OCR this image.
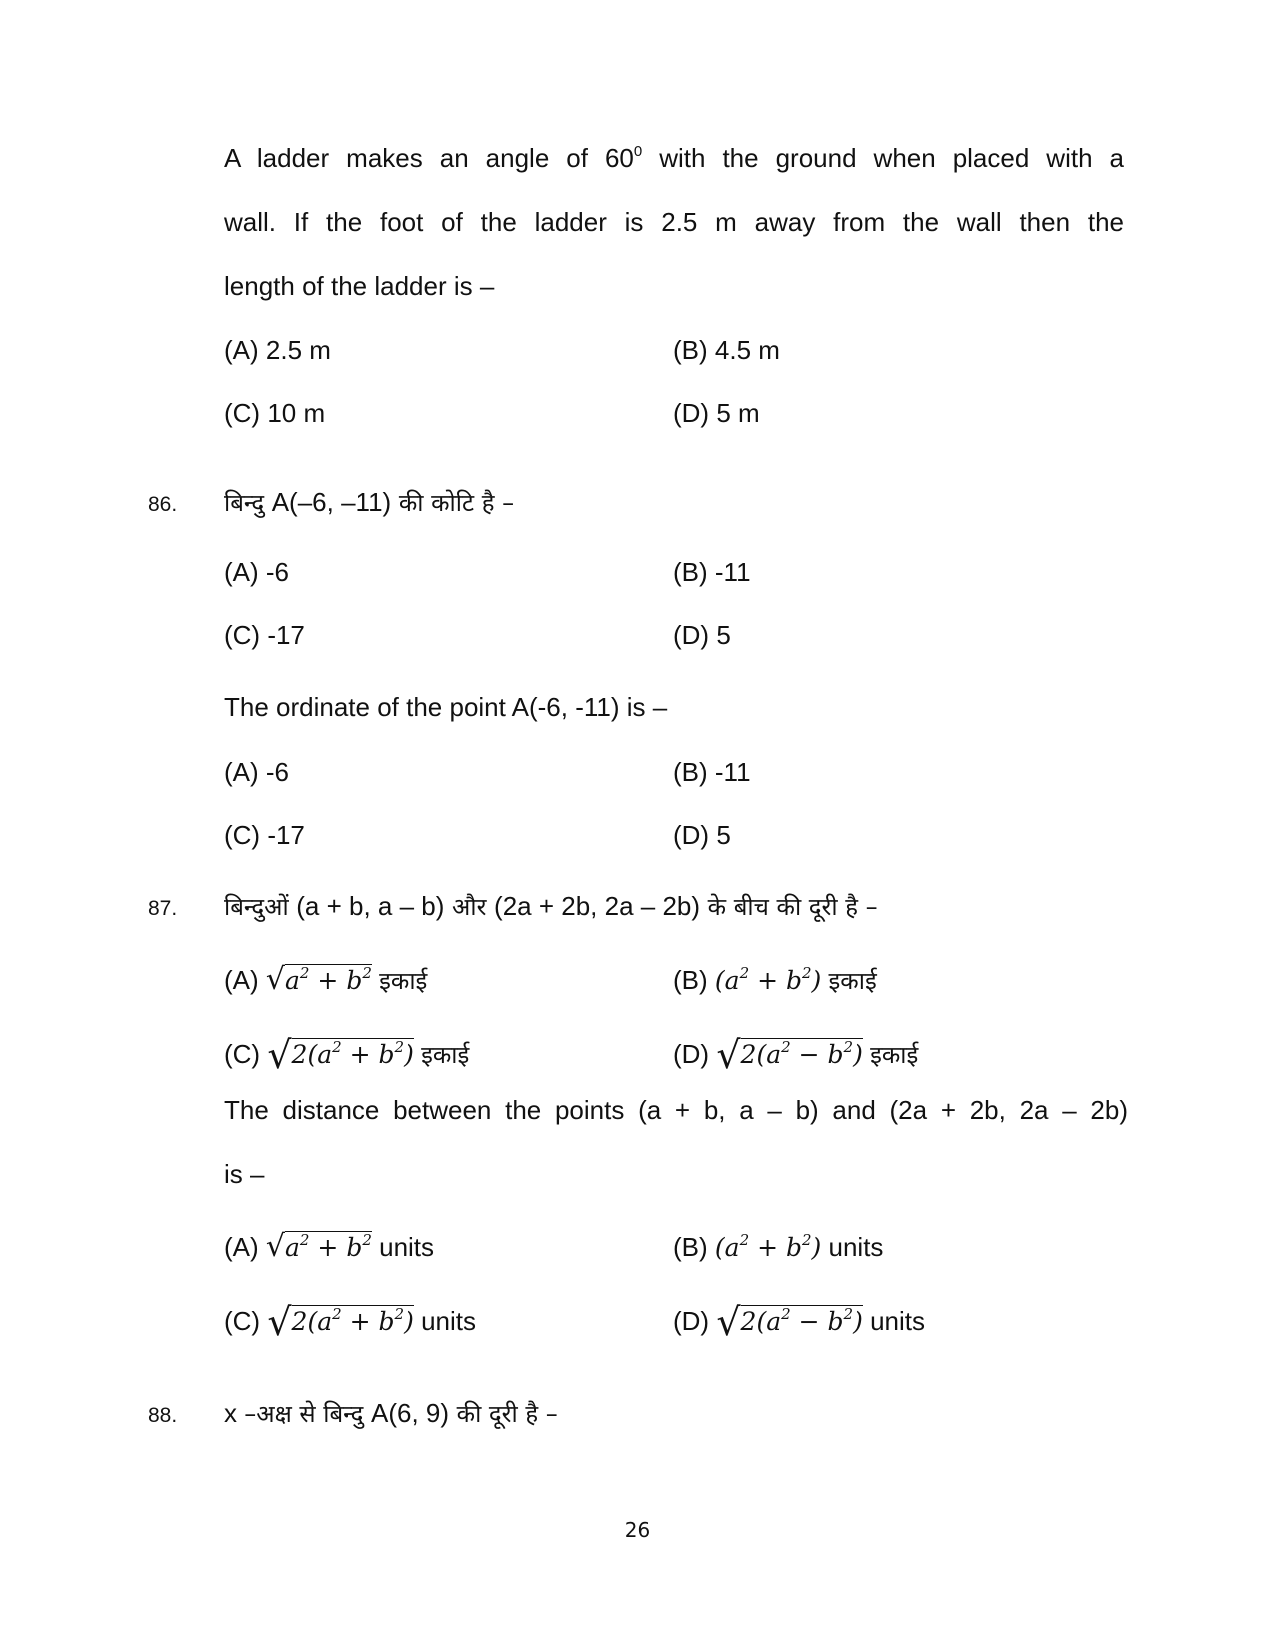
A ladder makes an angle of $60^0$ with the ground when placed with a
wall. If the foot of the ladder is 2.5 m away from the wall then the
length of the ladder is –
(A) 2.5 m	(B) 4.5 m
(C) 10 m	(D) 5 m
86. बिन्दु A(–6, –11) की कोटि है –
(A) -6	(B) -11
(C) -17	(D) 5
The ordinate of the point A(-6, -11) is –
(A) -6	(B) -11
(C) -17	(D) 5
87. बिन्दुओं (a + b, a – b) और (2a + 2b, 2a – 2b) के बीच की दूरी है –
(A) $√a^2 + b^2$ इकाई	(B) $(a^2 + b^2)$ इकाई
(C) $√2(a^2 + b^2)$ इकाई	(D) $√2(a^2 - b^2)$ इकाई
The distance between the points (a + b, a – b) and (2a + 2b, 2a – 2b)
is –
(A) $√a^2 + b^2$ units	(B) $(a^2 + b^2)$ units
(C) $√2(a^2 + b^2)$ units	(D) $√2(a^2 - b^2)$ units
88. x –अक्ष से बिन्दु A(6, 9) की दूरी है –
26
